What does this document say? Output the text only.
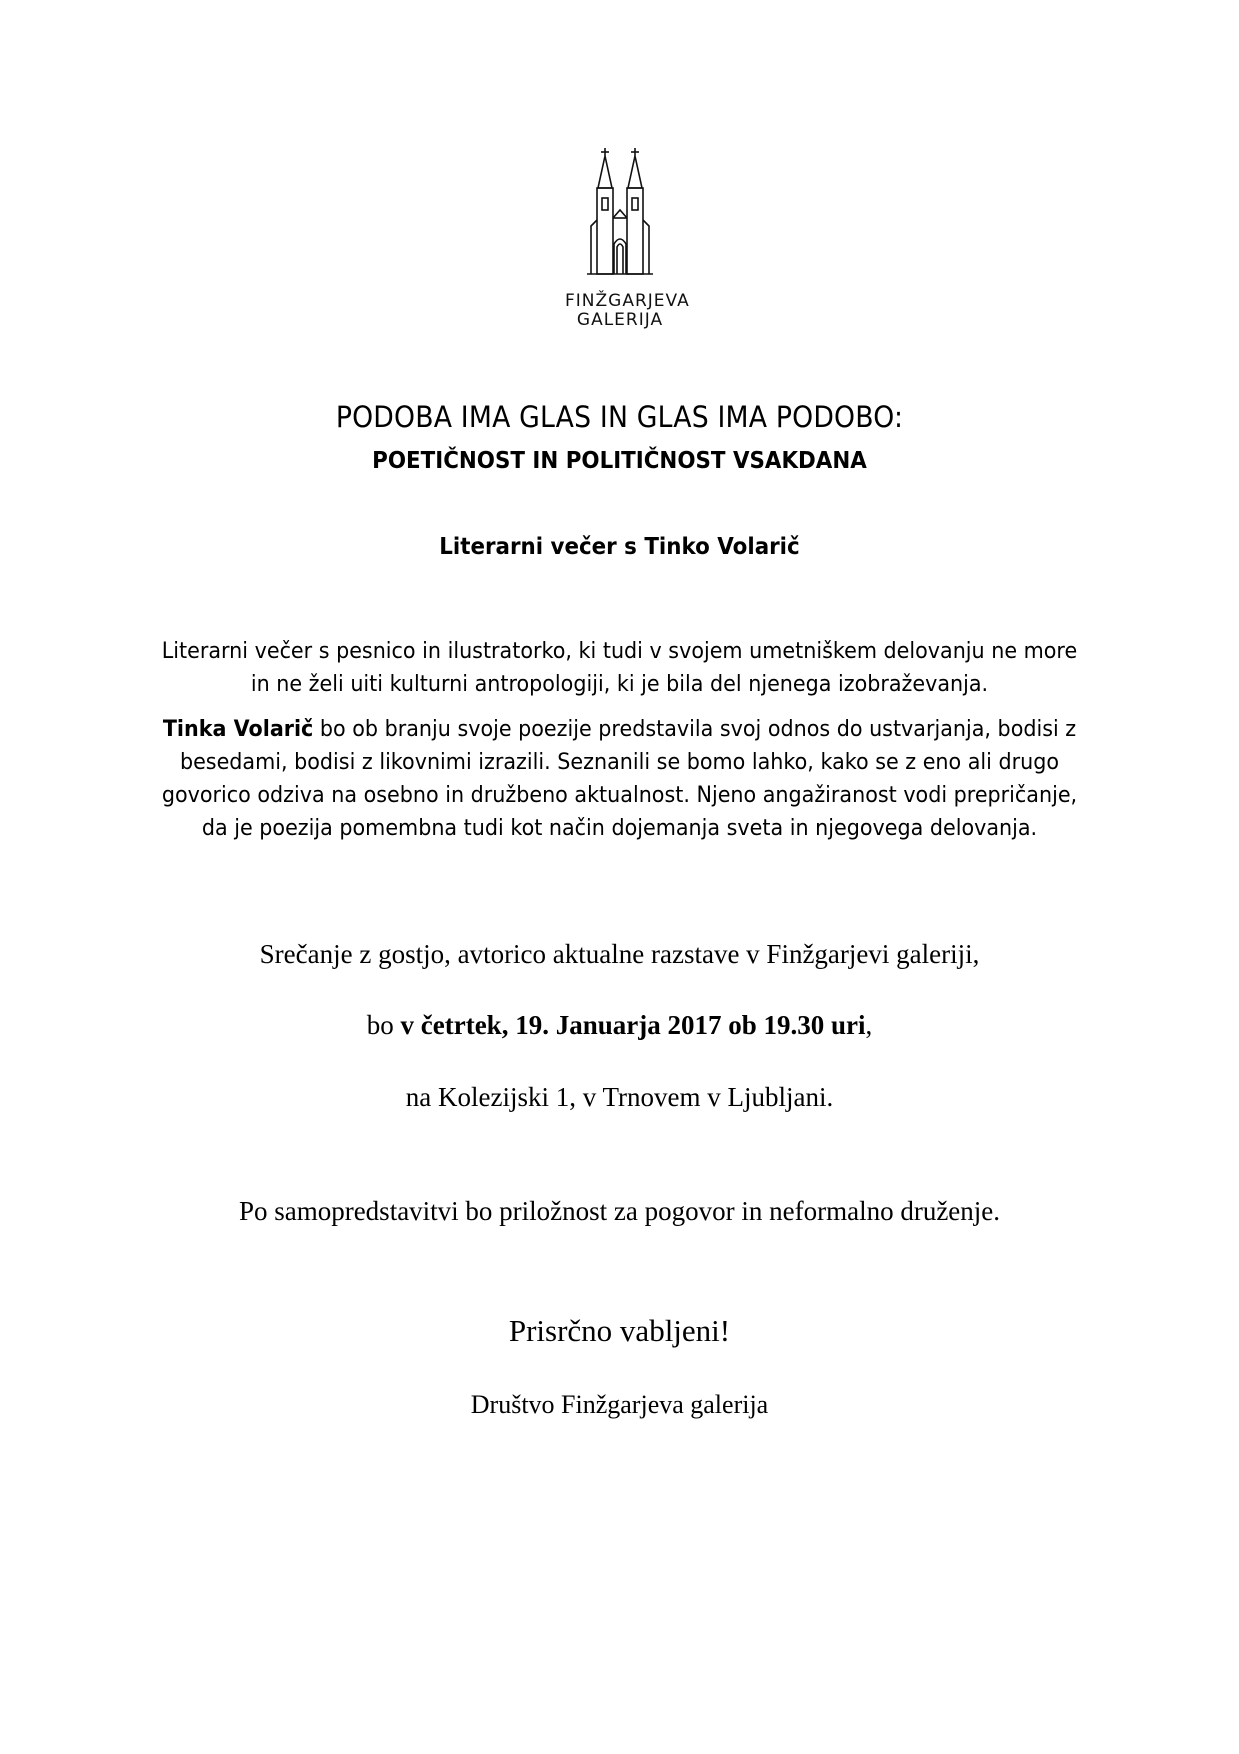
FINŽGARJEVA
GALERIJA
PODOBA IMA GLAS IN GLAS IMA PODOBO:
POETIČNOST IN POLITIČNOST VSAKDANA
Literarni večer s Tinko Volarič
Literarni večer s pesnico in ilustratorko, ki tudi v svojem umetniškem delovanju ne more in ne želi uiti kulturni antropologiji, ki je bila del njenega izobraževanja.
Tinka Volarič bo ob branju svoje poezije predstavila svoj odnos do ustvarjanja, bodisi z besedami, bodisi z likovnimi izrazili. Seznanili se bomo lahko, kako se z eno ali drugo govorico odziva na osebno in družbeno aktualnost. Njeno angažiranost vodi prepričanje, da je poezija pomembna tudi kot način dojemanja sveta in njegovega delovanja.
Srečanje z gostjo, avtorico aktualne razstave v Finžgarjevi galeriji,
bo v četrtek, 19. Januarja 2017 ob 19.30 uri,
na Kolezijski 1, v Trnovem v Ljubljani.
Po samopredstavitvi bo priložnost za pogovor in neformalno druženje.
Prisrčno vabljeni!
Društvo Finžgarjeva galerija
